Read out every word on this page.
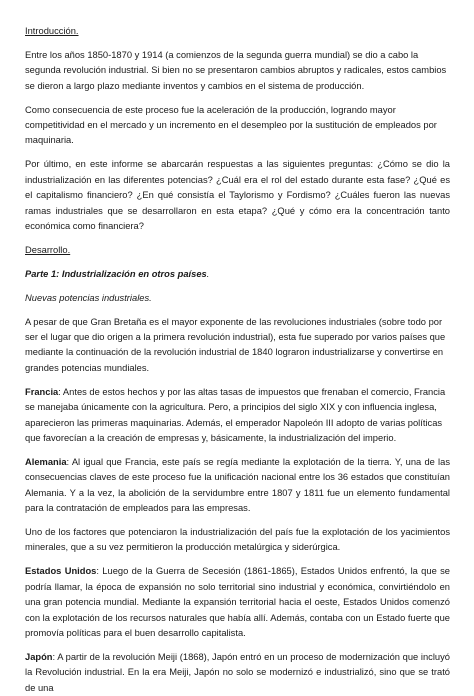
Introducción.

Entre los años 1850-1870 y 1914 (a comienzos de la segunda guerra mundial) se dio a cabo la segunda revolución industrial. Si bien no se presentaron cambios abruptos y radicales, estos cambios se dieron a largo plazo mediante inventos y cambios en el sistema de producción.

Como consecuencia de este proceso fue la aceleración de la producción, logrando mayor competitividad en el mercado y un incremento en el desempleo por la sustitución de empleados por maquinaria.

Por último, en este informe se abarcarán respuestas a las siguientes preguntas: ¿Cómo se dio la industrialización en las diferentes potencias? ¿Cuál era el rol del estado durante esta fase? ¿Qué es el capitalismo financiero? ¿En qué consistía el Taylorismo y Fordismo? ¿Cuáles fueron las nuevas ramas industriales que se desarrollaron en esta etapa? ¿Qué y cómo era la concentración tanto económica como financiera?

Desarrollo.

Parte 1: Industrialización en otros países.

Nuevas potencias industriales.

A pesar de que Gran Bretaña es el mayor exponente de las revoluciones industriales (sobre todo por ser el lugar que dio origen a la primera revolución industrial), esta fue superado por varios países que mediante la continuación de la revolución industrial de 1840 lograron industrializarse y convertirse en grandes potencias mundiales.

Francia: Antes de estos hechos y por las altas tasas de impuestos que frenaban el comercio, Francia se manejaba únicamente con la agricultura. Pero, a principios del siglo XIX y con influencia inglesa, aparecieron las primeras maquinarias. Además, el emperador Napoleón III adopto de varias políticas que favorecían a la creación de empresas y, básicamente, la industrialización del imperio.

Alemania: Al igual que Francia, este país se regía mediante la explotación de la tierra. Y, una de las consecuencias claves de este proceso fue la unificación nacional entre los 36 estados que constituían Alemania. Y a la vez, la abolición de la servidumbre entre 1807 y 1811 fue un elemento fundamental para la contratación de empleados para las empresas.

Uno de los factores que potenciaron la industrialización del país fue la explotación de los yacimientos minerales, que a su vez permitieron la producción metalúrgica y siderúrgica.

Estados Unidos: Luego de la Guerra de Secesión (1861-1865), Estados Unidos enfrentó, la que se podría llamar, la época de expansión no solo territorial sino industrial y económica, convirtiéndolo en una gran potencia mundial. Mediante la expansión territorial hacia el oeste, Estados Unidos comenzó con la explotación de los recursos naturales que había allí. Además, contaba con un Estado fuerte que promovía políticas para el buen desarrollo capitalista.

Japón: A partir de la revolución Meiji (1868), Japón entró en un proceso de modernización que incluyó la Revolución industrial. En la era Meiji, Japón no solo se modernizó e industrializó, sino que se trató de una
